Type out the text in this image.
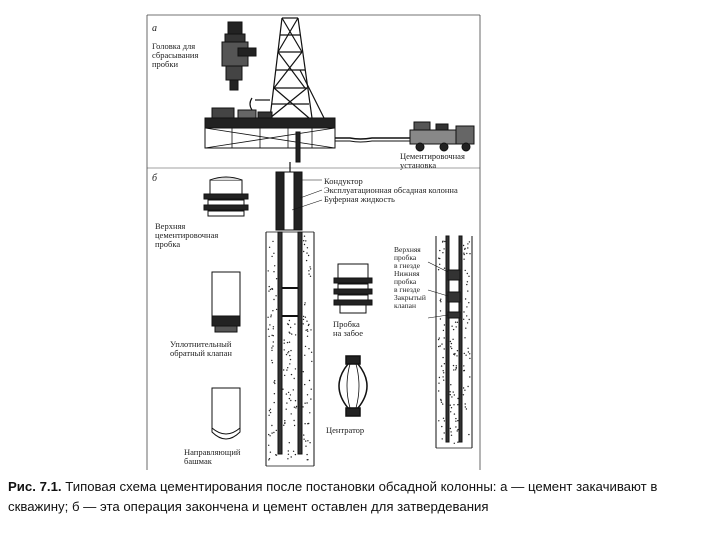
а
Головка для
сбрасывания
пробки
Цементировочная
установка
б	Кондуктор
Эксплуатационная обсадная колонна
Буферная жидкость
Верхняя
цементировочная
пробка
Уплотнительный
обратный клапан
Направляющий
башмак
Пробка
на забое
Центратор
Верхняя
пробка
в гнезде
Нижняя
пробка
в гнезде
Закрытый
клапан
Рис. 7.1. Типовая схема цементирования после постановки обсадной колонны: а — цемент закачивают в скважину; б — эта операция закончена и цемент оставлен для затвердевания
